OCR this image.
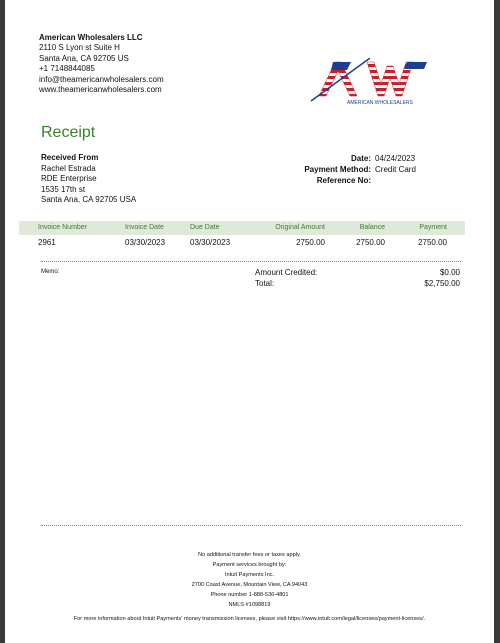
American Wholesalers LLC
2110 S Lyon st Suite H
Santa Ana, CA 92705 US
+1 7148844085
info@theamericanwholesalers.com
www.theamericanwholesalers.com
AMERICAN WHOLESALERS
Receipt
Received From
Rachel Estrada
RDE Enterprise
1535 17th st
Santa Ana, CA 92705 USA
Date: 04/24/2023
Payment Method: Credit Card
Reference No:
Invoice Number	Invoice Date	Due Date	Original Amount	Balance	Payment
2961	03/30/2023	03/30/2023	2750.00	2750.00	2750.00
Memo:	Amount Credited:	$0.00
Total:	$2,750.00
No additional transfer fees or taxes apply.
Payment services brought by:
Intuit Payments Inc.
2700 Coast Avenue, Mountain View, CA 94043
Phone number 1-888-536-4801
NMLS #1098819
For more information about Intuit Payments' money transmission licenses, please visit https://www.intuit.com/legal/licenses/payment-licenses/.
